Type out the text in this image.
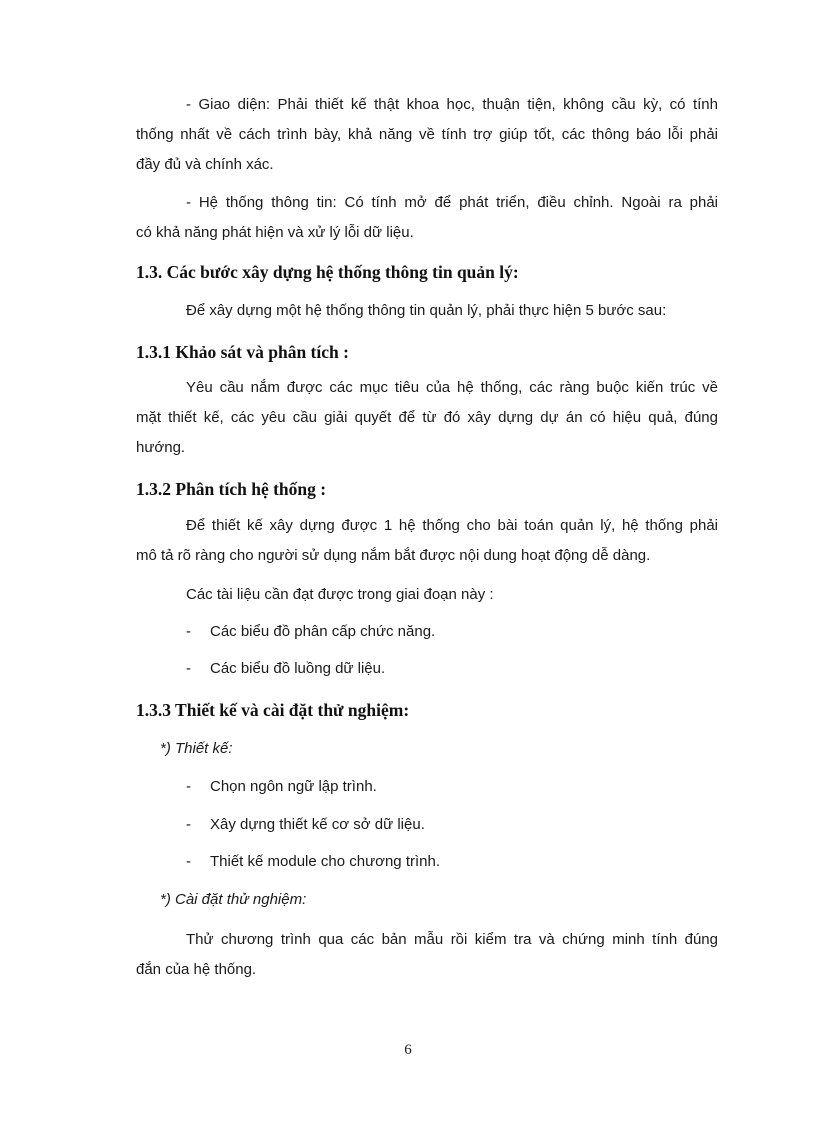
- Giao diện: Phải thiết kế thật khoa học, thuận tiện, không cầu kỳ, có tính
thống nhất về cách trình bày, khả năng về tính trợ giúp tốt, các thông báo lỗi phải
đầy đủ và chính xác.
- Hệ thống thông tin: Có tính mở để phát triển, điều chỉnh. Ngoài ra phải
có khả năng phát hiện và xử lý lỗi dữ liệu.
1.3. Các bước xây dựng hệ thống thông tin quản lý:
Để xây dựng một hệ thống thông tin quản lý, phải thực hiện 5 bước sau:
1.3.1 Khảo sát và phân tích :
Yêu cầu nắm được các mục tiêu của hệ thống, các ràng buộc kiến trúc về
mặt thiết kế, các yêu cầu giải quyết để từ đó xây dựng dự án có hiệu quả, đúng
hướng.
1.3.2 Phân tích hệ thống :
Để thiết kế xây dựng được 1 hệ thống cho bài toán quản lý, hệ thống phải
mô tả rõ ràng cho người sử dụng nắm bắt được nội dung hoạt động dễ dàng.
Các tài liệu cần đạt được trong giai đoạn này :
- Các biểu đồ phân cấp chức năng.
- Các biểu đồ luồng dữ liệu.
1.3.3 Thiết kế và cài đặt thử nghiệm:
*) Thiết kế:
- Chọn ngôn ngữ lập trình.
- Xây dựng thiết kế cơ sở dữ liệu.
- Thiết kế module cho chương trình.
*) Cài đặt thử nghiệm:
Thử chương trình qua các bản mẫu rồi kiểm tra và chứng minh tính đúng
đắn của hệ thống.
6
